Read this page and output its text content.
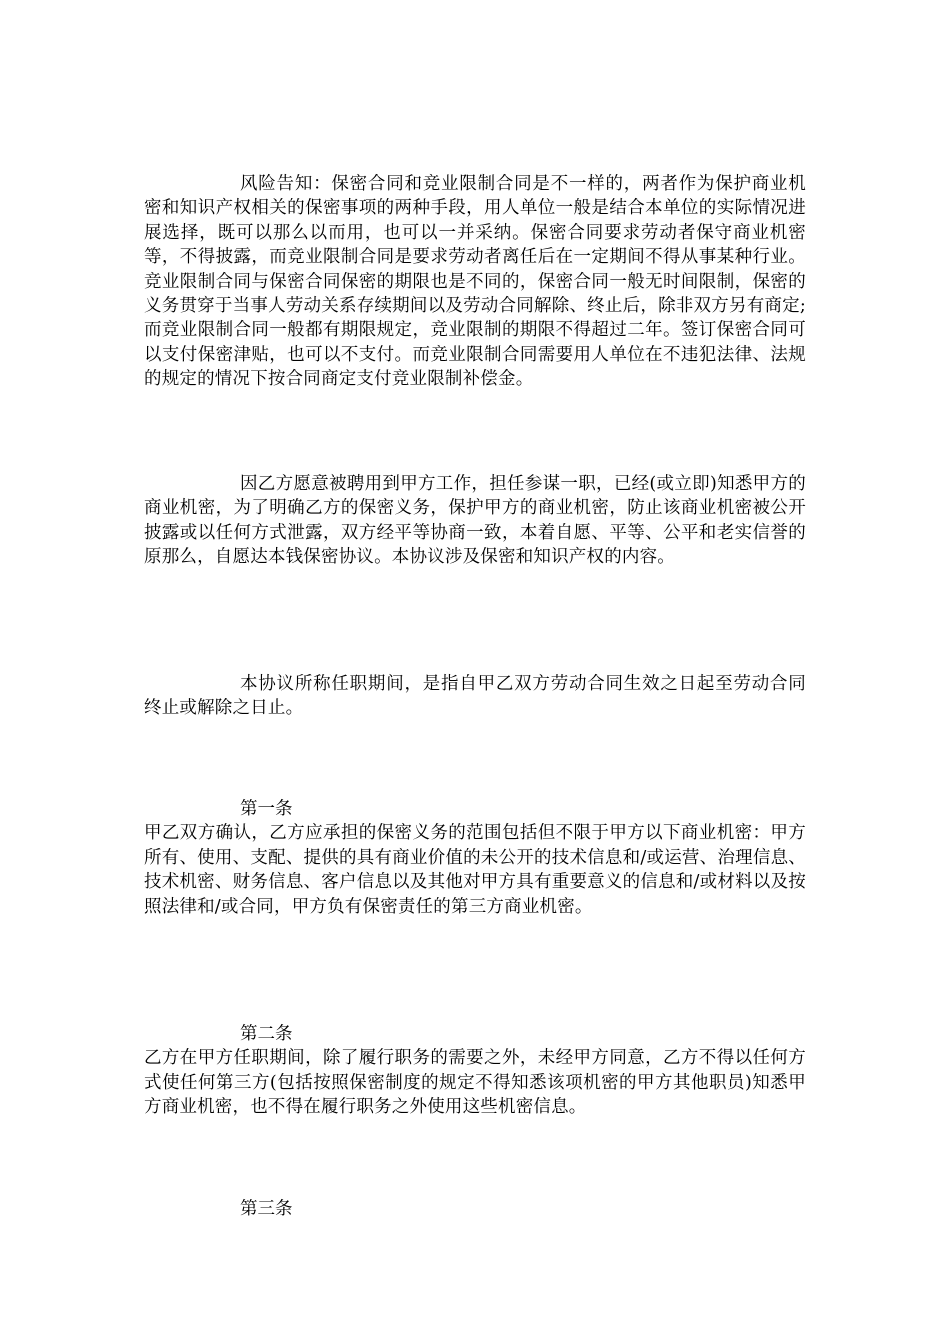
风险告知：保密合同和竞业限制合同是不一样的，两者作为保护商业机密和知识产权相关的保密事项的两种手段，用人单位一般是结合本单位的实际情况进展选择，既可以那么以而用，也可以一并采纳。保密合同要求劳动者保守商业机密等，不得披露，而竞业限制合同是要求劳动者离任后在一定期间不得从事某种行业。竞业限制合同与保密合同保密的期限也是不同的，保密合同一般无时间限制，保密的义务贯穿于当事人劳动关系存续期间以及劳动合同解除、终止后，除非双方另有商定;而竞业限制合同一般都有期限规定，竞业限制的期限不得超过二年。签订保密合同可以支付保密津贴，也可以不支付。而竞业限制合同需要用人单位在不违犯法律、法规的规定的情况下按合同商定支付竞业限制补偿金。

因乙方愿意被聘用到甲方工作，担任参谋一职，已经(或立即)知悉甲方的商业机密，为了明确乙方的保密义务，保护甲方的商业机密，防止该商业机密被公开披露或以任何方式泄露，双方经平等协商一致，本着自愿、平等、公平和老实信誉的原那么，自愿达本钱保密协议。本协议涉及保密和知识产权的内容。

本协议所称任职期间，是指自甲乙双方劳动合同生效之日起至劳动合同终止或解除之日止。

第一条

甲乙双方确认，乙方应承担的保密义务的范围包括但不限于甲方以下商业机密：甲方所有、使用、支配、提供的具有商业价值的未公开的技术信息和/或运营、治理信息、技术机密、财务信息、客户信息以及其他对甲方具有重要意义的信息和/或材料以及按照法律和/或合同，甲方负有保密责任的第三方商业机密。

第二条

乙方在甲方任职期间，除了履行职务的需要之外，未经甲方同意，乙方不得以任何方式使任何第三方(包括按照保密制度的规定不得知悉该项机密的甲方其他职员)知悉甲方商业机密，也不得在履行职务之外使用这些机密信息。

第三条
